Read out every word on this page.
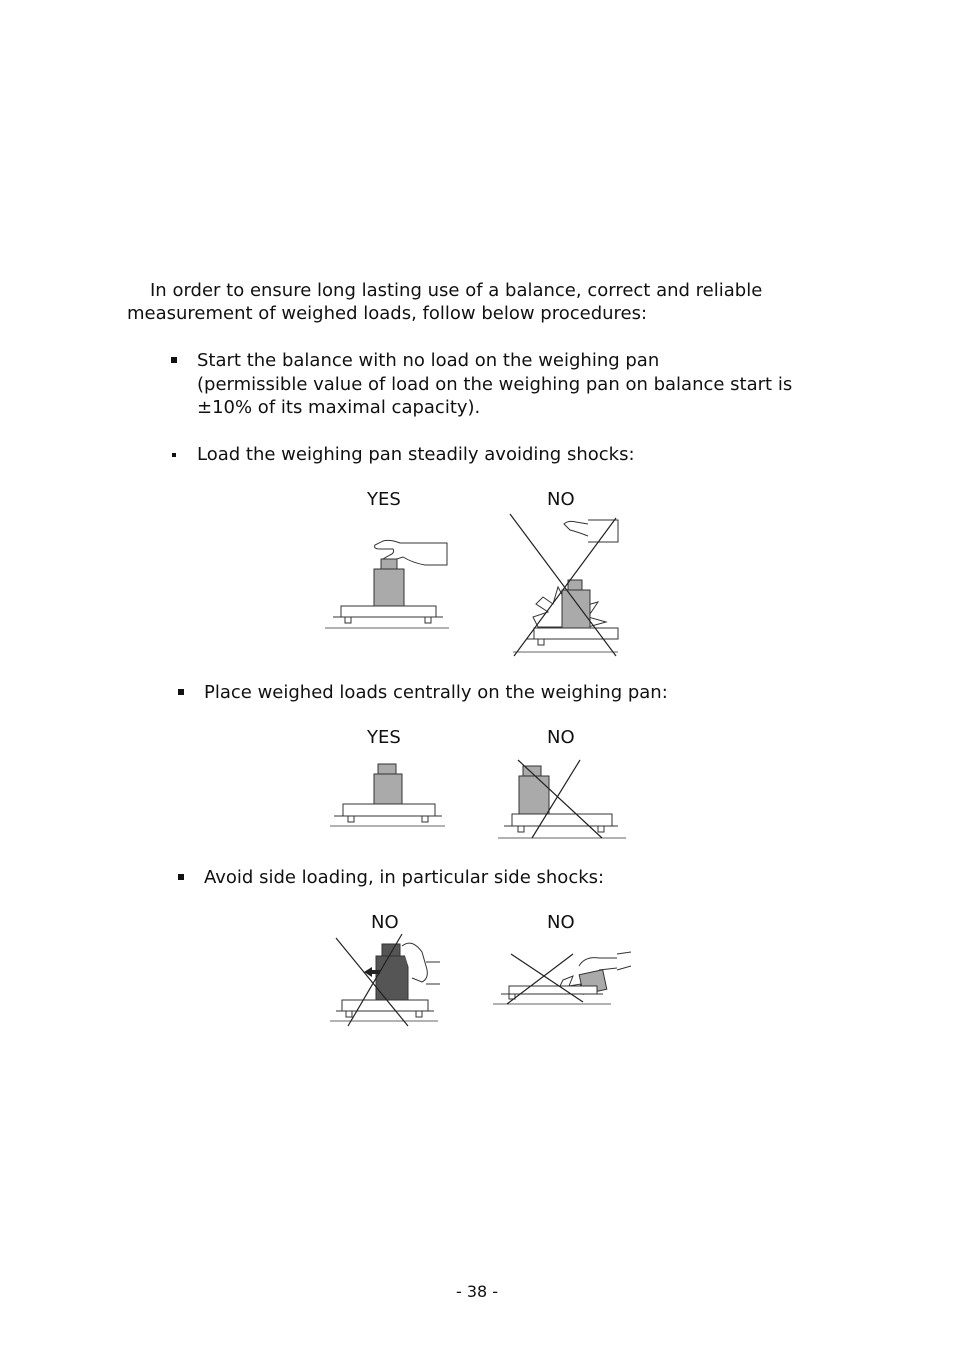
In order to ensure long lasting use of a balance, correct and reliable
measurement of weighed loads, follow below procedures:
Start the balance with no load on the weighing pan
(permissible value of load on the weighing pan on balance start is
±10% of its maximal capacity).
Load the weighing pan steadily avoiding shocks:
YES	NO
Place weighed loads centrally on the weighing pan:
YES	NO
Avoid side loading, in particular side shocks:
NO	NO
- 38 -
